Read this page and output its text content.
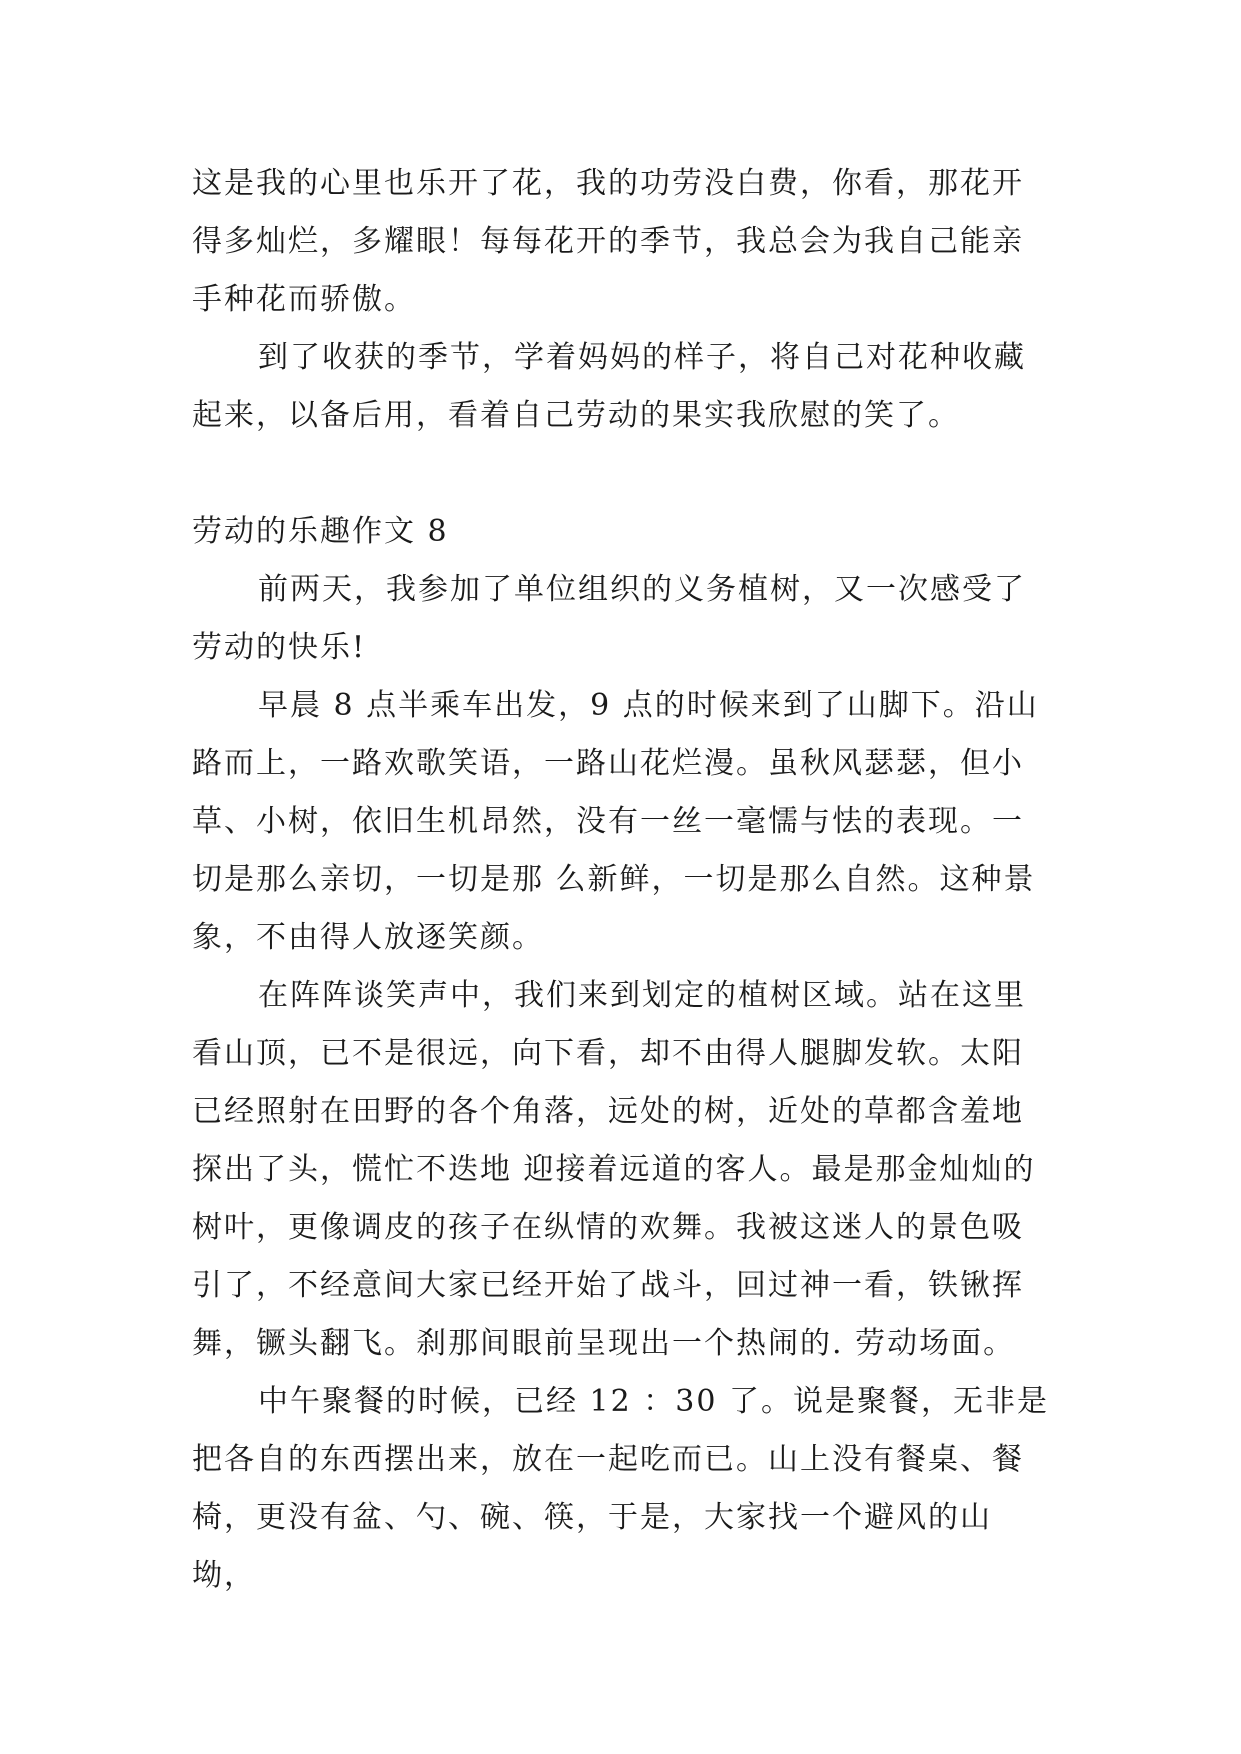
这是我的心里也乐开了花，我的功劳没白费，你看，那花开得多灿烂，多耀眼！每每花开的季节，我总会为我自己能亲手种花而骄傲。

到了收获的季节，学着妈妈的样子，将自己对花种收藏起来，以备后用，看着自己劳动的果实我欣慰的笑了。

劳动的乐趣作文 8

前两天，我参加了单位组织的义务植树，又一次感受了劳动的快乐!

早晨 8 点半乘车出发，9 点的时候来到了山脚下。沿山路而上，一路欢歌笑语，一路山花烂漫。虽秋风瑟瑟，但小草、小树，依旧生机昂然，没有一丝一毫懦与怯的表现。一切是那么亲切，一切是那 么新鲜，一切是那么自然。这种景象，不由得人放逐笑颜。

在阵阵谈笑声中，我们来到划定的植树区域。站在这里看山顶，已不是很远，向下看，却不由得人腿脚发软。太阳已经照射在田野的各个角落，远处的树，近处的草都含羞地探出了头，慌忙不迭地 迎接着远道的客人。最是那金灿灿的树叶，更像调皮的孩子在纵情的欢舞。我被这迷人的景色吸引了，不经意间大家已经开始了战斗，回过神一看，铁锹挥舞，镢头翻飞。刹那间眼前呈现出一个热闹的. 劳动场面。

中午聚餐的时候，已经 12 ：30 了。说是聚餐，无非是把各自的东西摆出来，放在一起吃而已。山上没有餐桌、餐椅，更没有盆、勺、碗、筷，于是，大家找一个避风的山坳，
